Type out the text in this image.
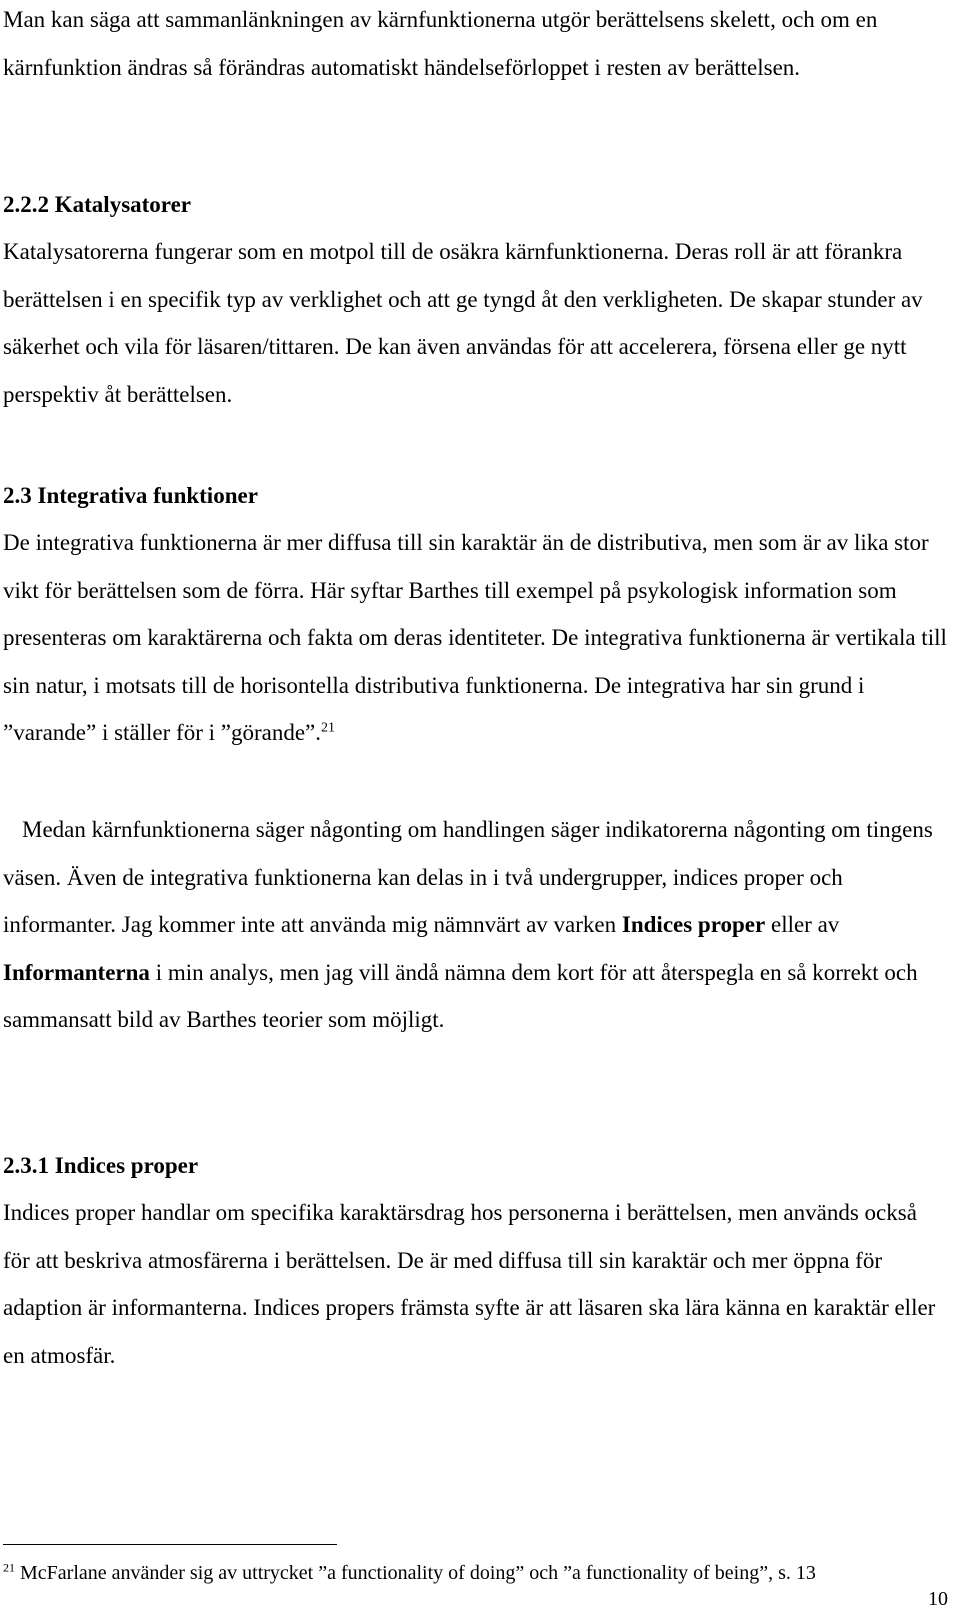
Man kan säga att sammanlänkningen av kärnfunktionerna utgör berättelsens skelett, och om en kärnfunktion ändras så förändras automatiskt händelseförloppet i resten av berättelsen.

2.2.2 Katalysatorer

Katalysatorerna fungerar som en motpol till de osäkra kärnfunktionerna. Deras roll är att förankra berättelsen i en specifik typ av verklighet och att ge tyngd åt den verkligheten. De skapar stunder av säkerhet och vila för läsaren/tittaren. De kan även användas för att accelerera, försena eller ge nytt perspektiv åt berättelsen.

2.3 Integrativa funktioner

De integrativa funktionerna är mer diffusa till sin karaktär än de distributiva, men som är av lika stor vikt för berättelsen som de förra. Här syftar Barthes till exempel på psykologisk information som presenteras om karaktärerna och fakta om deras identiteter. De integrativa funktionerna är vertikala till sin natur, i motsats till de horisontella distributiva funktionerna. De integrativa har sin grund i ”varande” i ställer för i ”görande”.$^{21}$

Medan kärnfunktionerna säger någonting om handlingen säger indikatorerna någonting om tingens väsen. Även de integrativa funktionerna kan delas in i två undergrupper, indices proper och informanter. Jag kommer inte att använda mig nämnvärt av varken Indices proper eller av Informanterna i min analys, men jag vill ändå nämna dem kort för att återspegla en så korrekt och sammansatt bild av Barthes teorier som möjligt.

2.3.1 Indices proper

Indices proper handlar om specifika karaktärsdrag hos personerna i berättelsen, men används också för att beskriva atmosfärerna i berättelsen. De är med diffusa till sin karaktär och mer öppna för adaption är informanterna. Indices propers främsta syfte är att läsaren ska lära känna en karaktär eller en atmosfär.

$^{21}$ McFarlane använder sig av uttrycket ”a functionality of doing” och ”a functionality of being”, s. 13

10
